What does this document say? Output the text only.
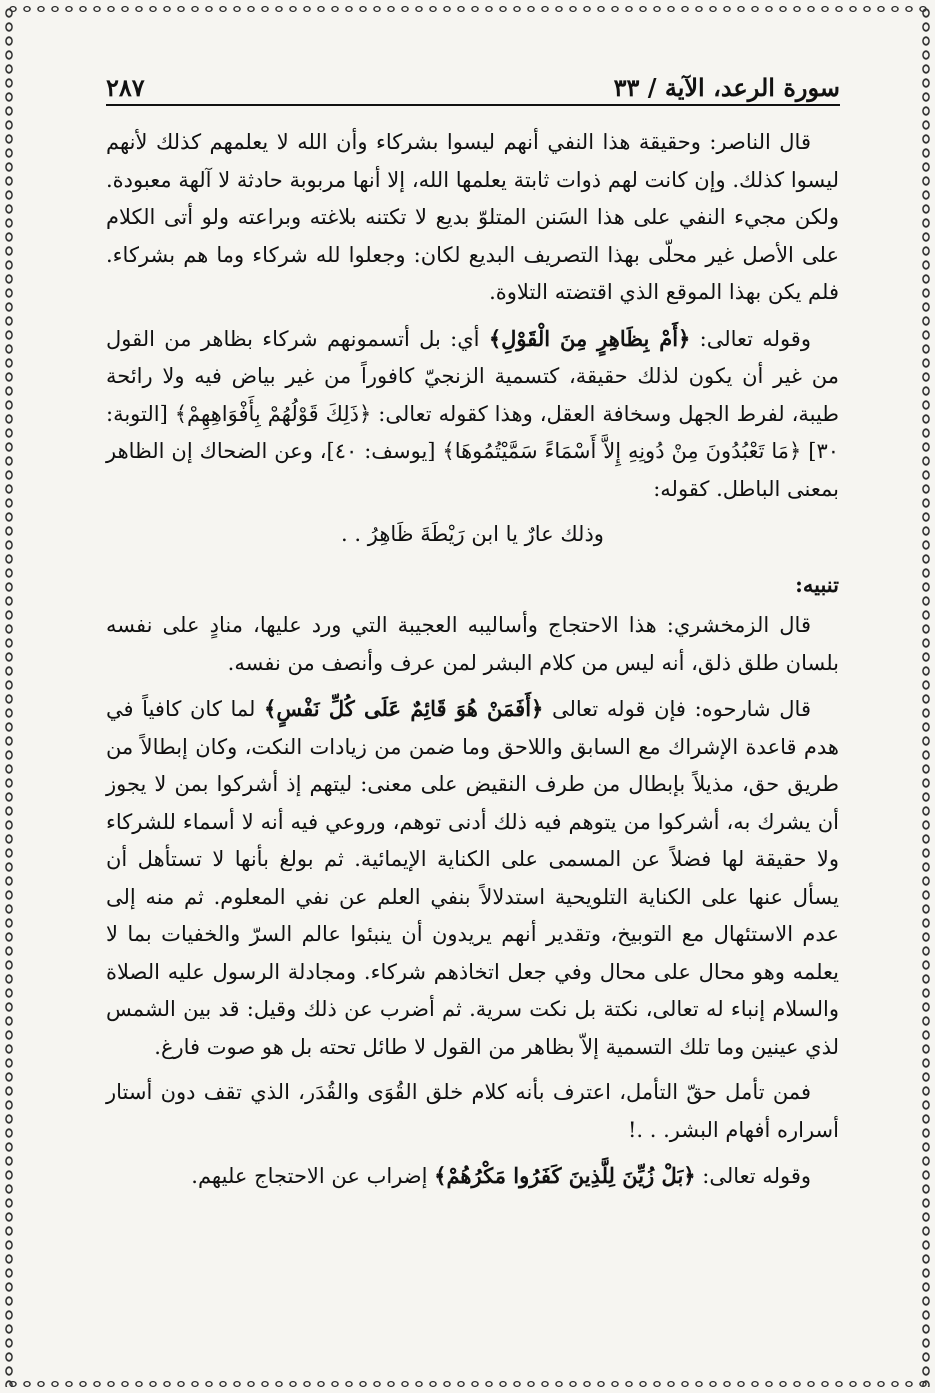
سورة الرعد، الآية / ٣٣
٢٨٧

قال الناصر: وحقيقة هذا النفي أنهم ليسوا بشركاء وأن الله لا يعلمهم كذلك لأنهم ليسوا كذلك. وإن كانت لهم ذوات ثابتة يعلمها الله، إلا أنها مربوبة حادثة لا آلهة معبودة. ولكن مجيء النفي على هذا السَنن المتلوّ بديع لا تكتنه بلاغته وبراعته ولو أتى الكلام على الأصل غير محلّى بهذا التصريف البديع لكان: وجعلوا لله شركاء وما هم بشركاء. فلم يكن بهذا الموقع الذي اقتضته التلاوة.

وقوله تعالى: ﴿أَمْ بِظَاهِرٍ مِنَ الْقَوْلِ﴾ أي: بل أتسمونهم شركاء بظاهر من القول من غير أن يكون لذلك حقيقة، كتسمية الزنجيّ كافوراً من غير بياض فيه ولا رائحة طيبة، لفرط الجهل وسخافة العقل، وهذا كقوله تعالى: ﴿ذَلِكَ قَوْلُهُمْ بِأَفْوَاهِهِمْ﴾ [التوبة: ٣٠] ﴿مَا تَعْبُدُونَ مِنْ دُونِهِ إِلاَّ أَسْمَاءً سَمَّيْتُمُوهَا﴾ [يوسف: ٤٠]، وعن الضحاك إن الظاهر بمعنى الباطل. كقوله:

وذلك عارٌ يا ابن رَيْطَةَ ظَاهِرُ . .

تنبيه:

قال الزمخشري: هذا الاحتجاج وأساليبه العجيبة التي ورد عليها، منادٍ على نفسه بلسان طلق ذلق، أنه ليس من كلام البشر لمن عرف وأنصف من نفسه.

قال شارحوه: فإن قوله تعالى ﴿أَفَمَنْ هُوَ قَائِمٌ عَلَى كُلِّ نَفْسٍ﴾ لما كان كافياً في هدم قاعدة الإشراك مع السابق واللاحق وما ضمن من زيادات النكت، وكان إبطالاً من طريق حق، مذيلاً بإبطال من طرف النقيض على معنى: ليتهم إذ أشركوا بمن لا يجوز أن يشرك به، أشركوا من يتوهم فيه ذلك أدنى توهم، وروعي فيه أنه لا أسماء للشركاء ولا حقيقة لها فضلاً عن المسمى على الكناية الإيمائية. ثم بولغ بأنها لا تستأهل أن يسأل عنها على الكناية التلويحية استدلالاً بنفي العلم عن نفي المعلوم. ثم منه إلى عدم الاستئهال مع التوبيخ، وتقدير أنهم يريدون أن ينبئوا عالم السرّ والخفيات بما لا يعلمه وهو محال على محال وفي جعل اتخاذهم شركاء. ومجادلة الرسول عليه الصلاة والسلام إنباء له تعالى، نكتة بل نكت سرية. ثم أضرب عن ذلك وقيل: قد بين الشمس لذي عينين وما تلك التسمية إلاّ بظاهر من القول لا طائل تحته بل هو صوت فارغ.

فمن تأمل حقّ التأمل، اعترف بأنه كلام خلق القُوَى والقُدَر، الذي تقف دون أستار أسراره أفهام البشر. . .!

وقوله تعالى: ﴿بَلْ زُيِّنَ لِلَّذِينَ كَفَرُوا مَكْرُهُمْ﴾ إضراب عن الاحتجاج عليهم.
